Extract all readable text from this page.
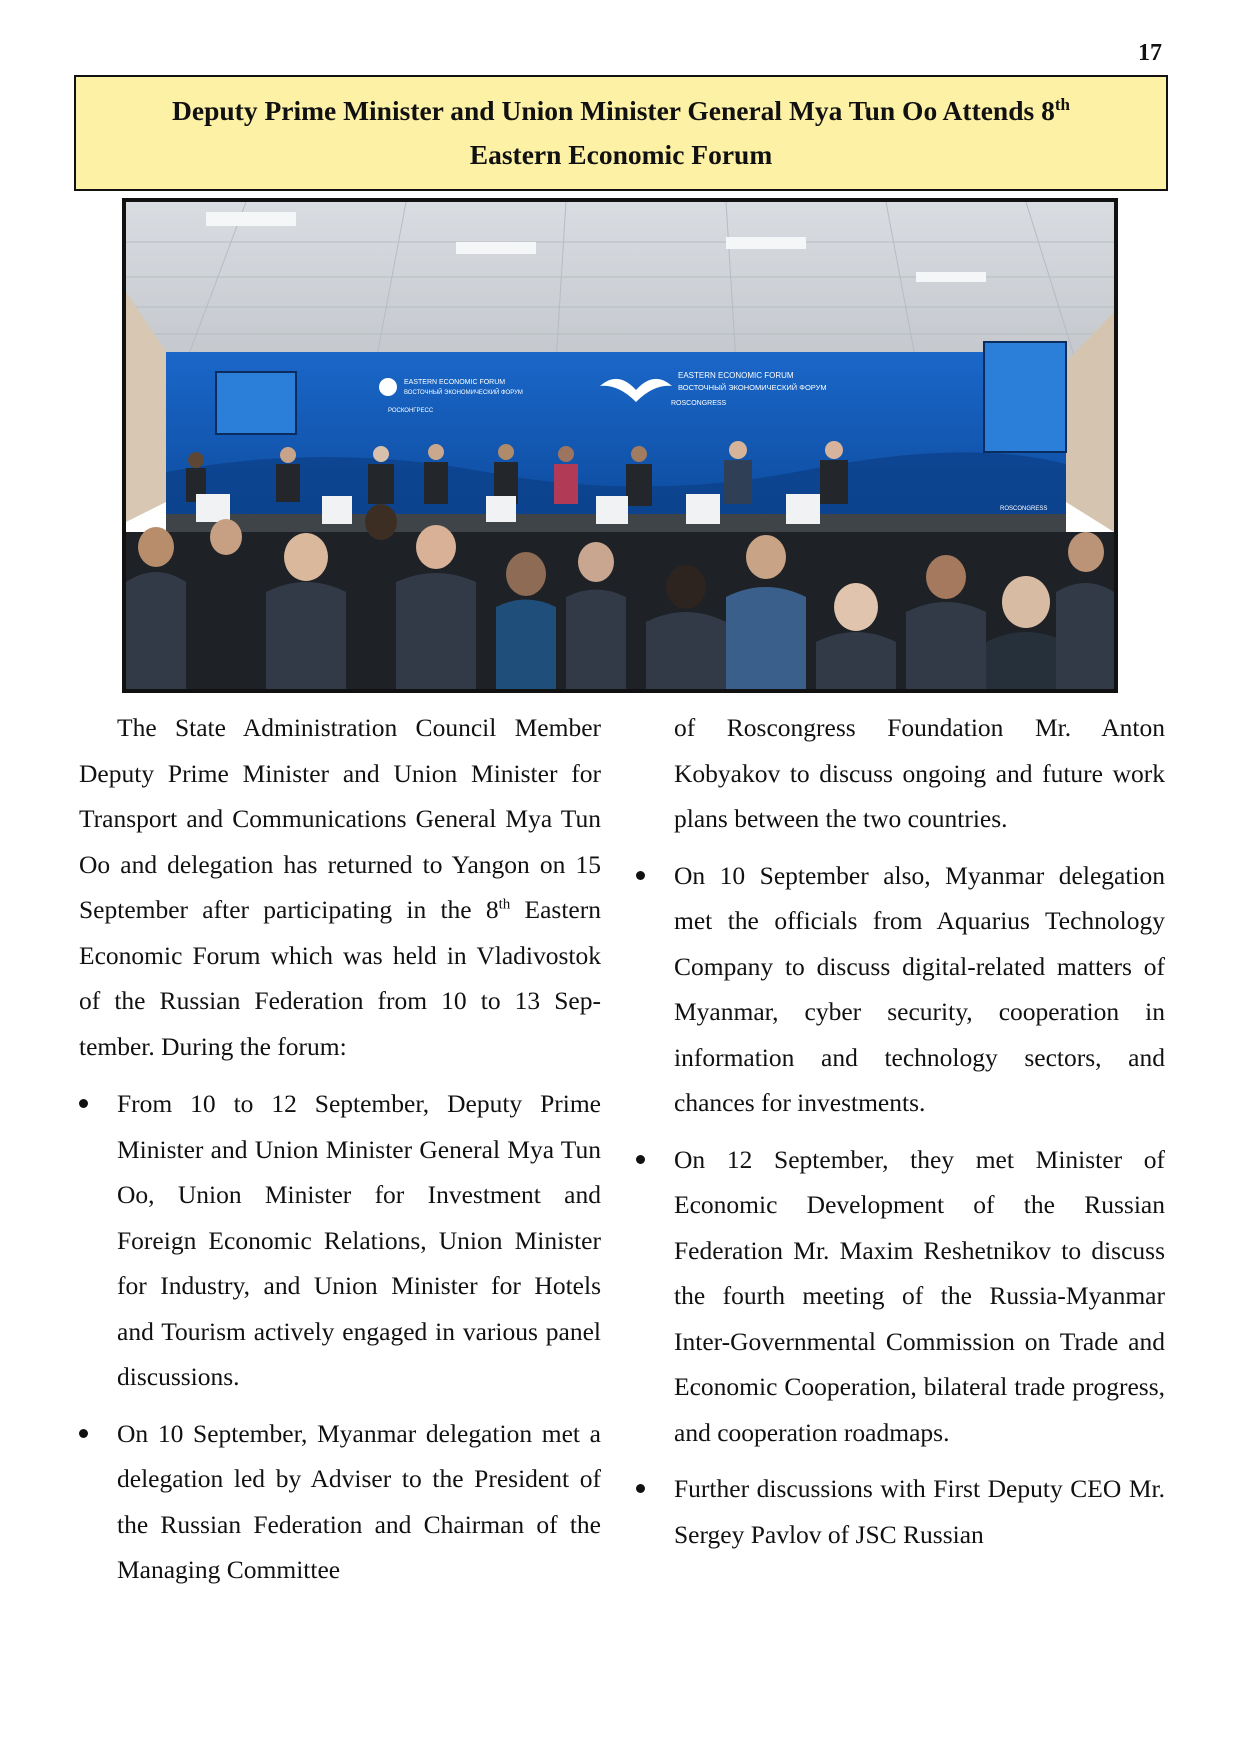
17
Deputy Prime Minister and Union Minister General Mya Tun Oo Attends 8th
Eastern Economic Forum
EASTERN ECONOMIC FORUM
ВОСТОЧНЫЙ ЭКОНОМИЧЕСКИЙ ФОРУМ
РОСКОНГРЕСС
EASTERN ECONOMIC FORUM
ВОСТОЧНЫЙ ЭКОНОМИЧЕСКИЙ ФОРУМ
ROSCONGRESS
ROSCONGRESS

The State Administration Council Member Deputy Prime Minister and Union Minister for Transport and Communications General Mya Tun Oo and delegation has returned to Yangon on 15 September after participating in the 8th Eastern Economic Forum which was held in Vladivostok of the Russian Federation from 10 to 13 September. During the forum:

From 10 to 12 September, Deputy Prime Minister and Union Minister General Mya Tun Oo, Union Minister for Investment and Foreign Economic Relations, Union Minister for Industry, and Union Minister for Hotels and Tourism actively engaged in various panel discussions.
On 10 September, Myanmar delegation met a delegation led by Adviser to the President of the Russian Federation and Chairman of the Managing Committee

of Roscongress Foundation Mr. Anton Kobyakov to discuss ongoing and future work plans between the two countries.

On 10 September also, Myanmar delegation met the officials from Aquarius Technology Company to discuss digital-related matters of Myanmar, cyber security, cooperation in information and technology sectors, and chances for investments.
On 12 September, they met Minister of Economic Development of the Russian Federation Mr. Maxim Reshetnikov to discuss the fourth meeting of the Russia-Myanmar Inter-Governmental Commission on Trade and Economic Cooperation, bilateral trade progress, and cooperation roadmaps.
Further discussions with First Deputy CEO Mr. Sergey Pavlov of JSC Russian
